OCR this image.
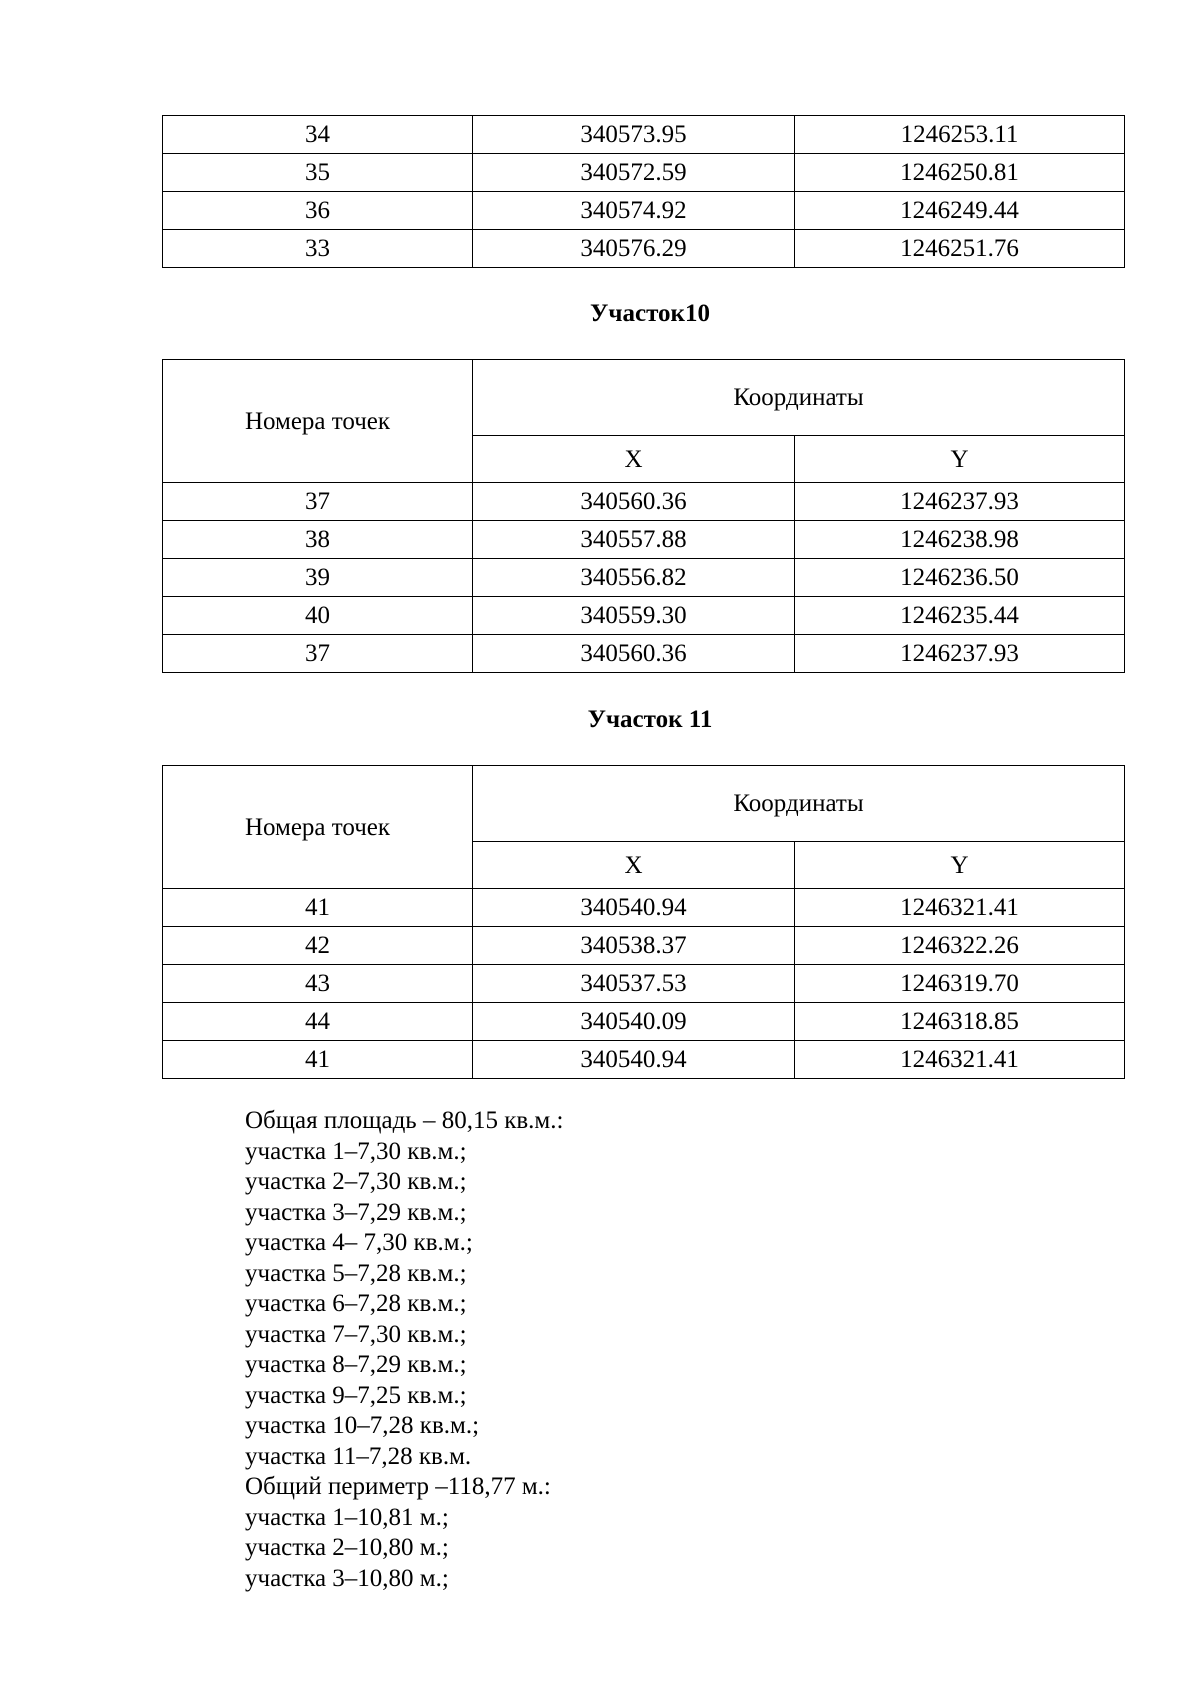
34	340573.95	1246253.11
35	340572.59	1246250.81
36	340574.92	1246249.44
33	340576.29	1246251.76
Участок10
Номера точек	Координаты	
	X	Y
37	340560.36	1246237.93
38	340557.88	1246238.98
39	340556.82	1246236.50
40	340559.30	1246235.44
37	340560.36	1246237.93
Участок 11
Номера точек	Координаты	
	X	Y
41	340540.94	1246321.41
42	340538.37	1246322.26
43	340537.53	1246319.70
44	340540.09	1246318.85
41	340540.94	1246321.41
Общая площадь – 80,15 кв.м.:
участка 1–7,30 кв.м.;
участка 2–7,30 кв.м.;
участка 3–7,29 кв.м.;
участка 4– 7,30 кв.м.;
участка 5–7,28 кв.м.;
участка 6–7,28 кв.м.;
участка 7–7,30 кв.м.;
участка 8–7,29 кв.м.;
участка 9–7,25 кв.м.;
участка 10–7,28 кв.м.;
участка 11–7,28 кв.м.
Общий периметр –118,77 м.:
участка 1–10,81 м.;
участка 2–10,80 м.;
участка 3–10,80 м.;
